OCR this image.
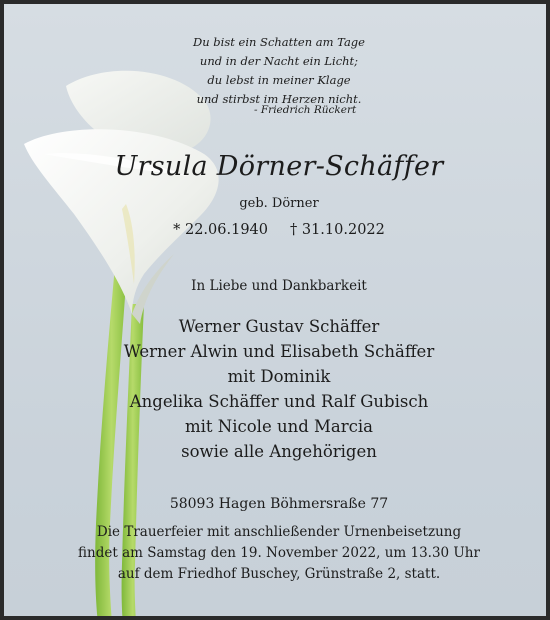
Du bist ein Schatten am Tage
und in der Nacht ein Licht;
du lebst in meiner Klage
und stirbst im Herzen nicht.
- Friedrich Rückert
Ursula Dörner-Schäffer
geb. Dörner
* 22.06.1940 † 31.10.2022
In Liebe und Dankbarkeit
Werner Gustav Schäffer
Werner Alwin und Elisabeth Schäffer
mit Dominik
Angelika Schäffer und Ralf Gubisch
mit Nicole und Marcia
sowie alle Angehörigen
58093 Hagen Böhmersraße 77
Die Trauerfeier mit anschließender Urnenbeisetzung
findet am Samstag den 19. November 2022, um 13.30 Uhr
auf dem Friedhof Buschey, Grünstraße 2, statt.
